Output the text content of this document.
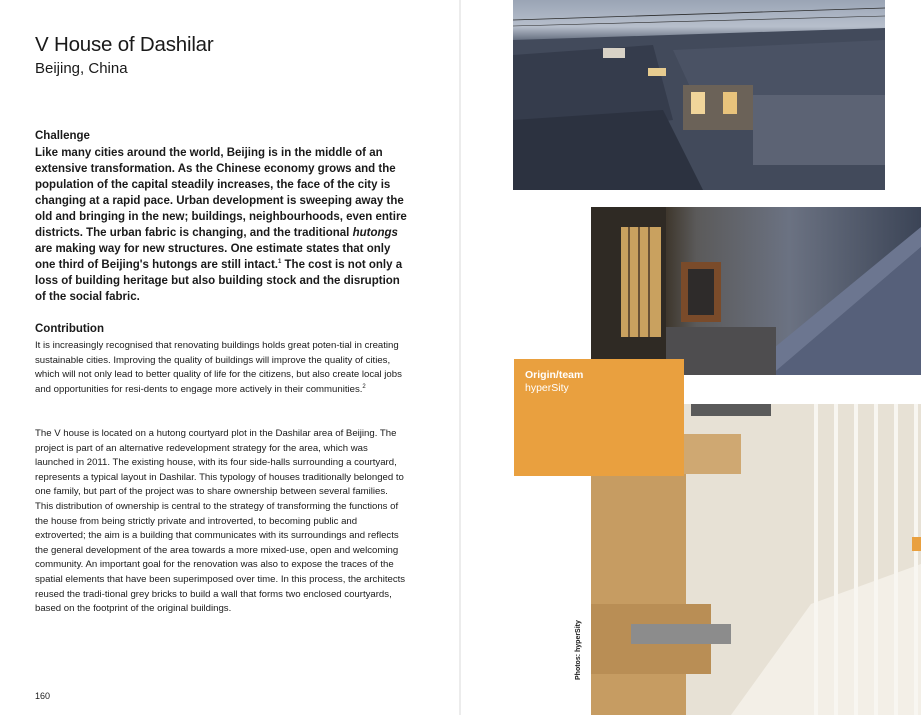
V House of Dashilar
Beijing, China
Challenge
Like many cities around the world, Beijing is in the middle of an extensive transformation. As the Chinese economy grows and the population of the capital steadily increases, the face of the city is changing at a rapid pace. Urban development is sweeping away the old and bringing in the new; buildings, neighbourhoods, even entire districts. The urban fabric is changing, and the traditional hutongs are making way for new structures. One estimate states that only one third of Beijing's hutongs are still intact.$^1$ The cost is not only a loss of building heritage but also building stock and the disruption of the social fabric.
Contribution
It is increasingly recognised that renovating buildings holds great poten-tial in creating sustainable cities. Improving the quality of buildings will improve the quality of cities, which will not only lead to better quality of life for the citizens, but also create local jobs and opportunities for resi-dents to engage more actively in their communities.$^2$
The V house is located on a hutong courtyard plot in the Dashilar area of Beijing. The project is part of an alternative redevelopment strategy for the area, which was launched in 2011. The existing house, with its four side-halls surrounding a courtyard, represents a typical layout in Dashilar. This typology of houses traditionally belonged to one family, but part of the project was to share ownership between several families. This distribution of ownership is central to the strategy of transforming the functions of the house from being strictly private and introverted, to becoming public and extroverted; the aim is a building that communicates with its surroundings and reflects the general development of the area towards a more mixed-use, open and welcoming community. An important goal for the renovation was also to expose the traces of the spatial elements that have been superimposed over time. In this process, the architects reused the tradi-tional grey bricks to build a wall that forms two enclosed courtyards, based on the footprint of the original buildings.
160
Origin/team
hyperSity
Photos: hyperSity
